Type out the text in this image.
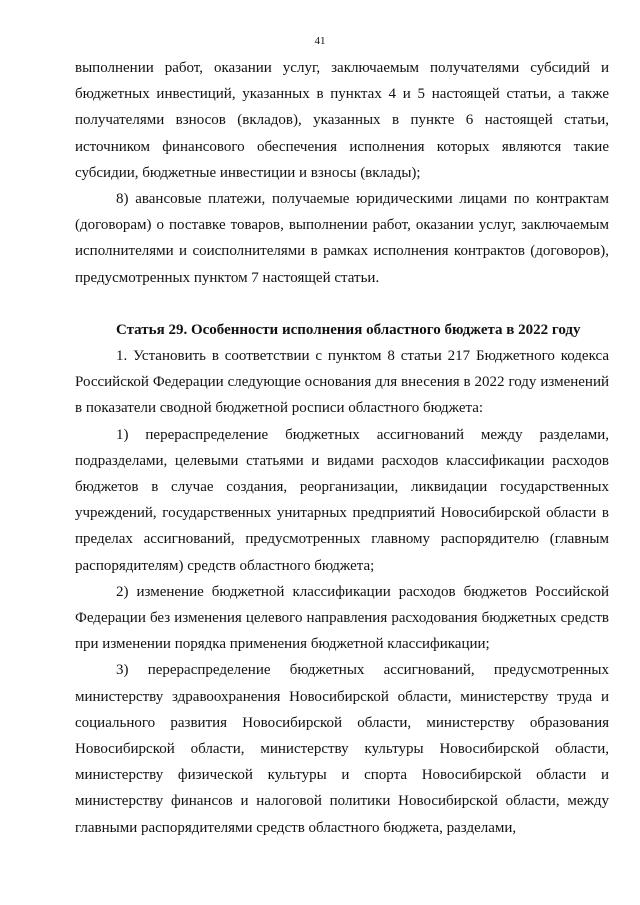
41

выполнении работ, оказании услуг, заключаемым получателями субсидий и бюджетных инвестиций, указанных в пунктах 4 и 5 настоящей статьи, а также получателями взносов (вкладов), указанных в пункте 6 настоящей статьи, источником финансового обеспечения исполнения которых являются такие субсидии, бюджетные инвестиции и взносы (вклады);

8) авансовые платежи, получаемые юридическими лицами по контрактам (договорам) о поставке товаров, выполнении работ, оказании услуг, заключаемым исполнителями и соисполнителями в рамках исполнения контрактов (договоров), предусмотренных пунктом 7 настоящей статьи.

Статья 29. Особенности исполнения областного бюджета в 2022 году

1. Установить в соответствии с пунктом 8 статьи 217 Бюджетного кодекса Российской Федерации следующие основания для внесения в 2022 году изменений в показатели сводной бюджетной росписи областного бюджета:

1) перераспределение бюджетных ассигнований между разделами, подразделами, целевыми статьями и видами расходов классификации расходов бюджетов в случае создания, реорганизации, ликвидации государственных учреждений, государственных унитарных предприятий Новосибирской области в пределах ассигнований, предусмотренных главному распорядителю (главным распорядителям) средств областного бюджета;

2) изменение бюджетной классификации расходов бюджетов Российской Федерации без изменения целевого направления расходования бюджетных средств при изменении порядка применения бюджетной классификации;

3) перераспределение бюджетных ассигнований, предусмотренных министерству здравоохранения Новосибирской области, министерству труда и социального развития Новосибирской области, министерству образования Новосибирской области, министерству культуры Новосибирской области, министерству физической культуры и спорта Новосибирской области и министерству финансов и налоговой политики Новосибирской области, между главными распорядителями средств областного бюджета, разделами,
